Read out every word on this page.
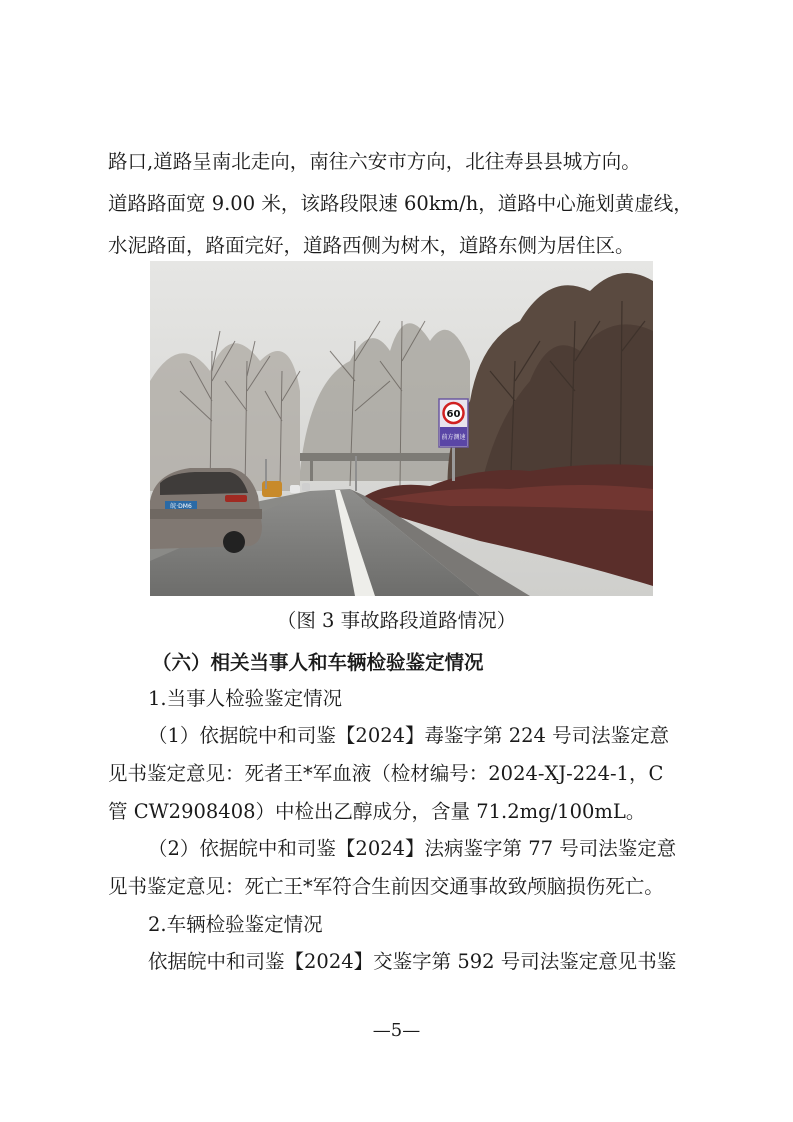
路口,道路呈南北走向，南往六安市方向，北往寿县县城方向。
道路路面宽 9.00 米，该路段限速 60km/h，道路中心施划黄虚线，
水泥路面，路面完好，道路西侧为树木，道路东侧为居住区。
皖·DM6
60
前方测速
（图 3 事故路段道路情况）
（六）相关当事人和车辆检验鉴定情况
1.当事人检验鉴定情况
（1）依据皖中和司鉴【2024】毒鉴字第 224 号司法鉴定意
见书鉴定意见：死者王*军血液（检材编号：2024-XJ-224-1，C
管 CW2908408）中检出乙醇成分，含量 71.2mg/100mL。
（2）依据皖中和司鉴【2024】法病鉴字第 77 号司法鉴定意
见书鉴定意见：死亡王*军符合生前因交通事故致颅脑损伤死亡。
2.车辆检验鉴定情况
依据皖中和司鉴【2024】交鉴字第 592 号司法鉴定意见书鉴
—5—
